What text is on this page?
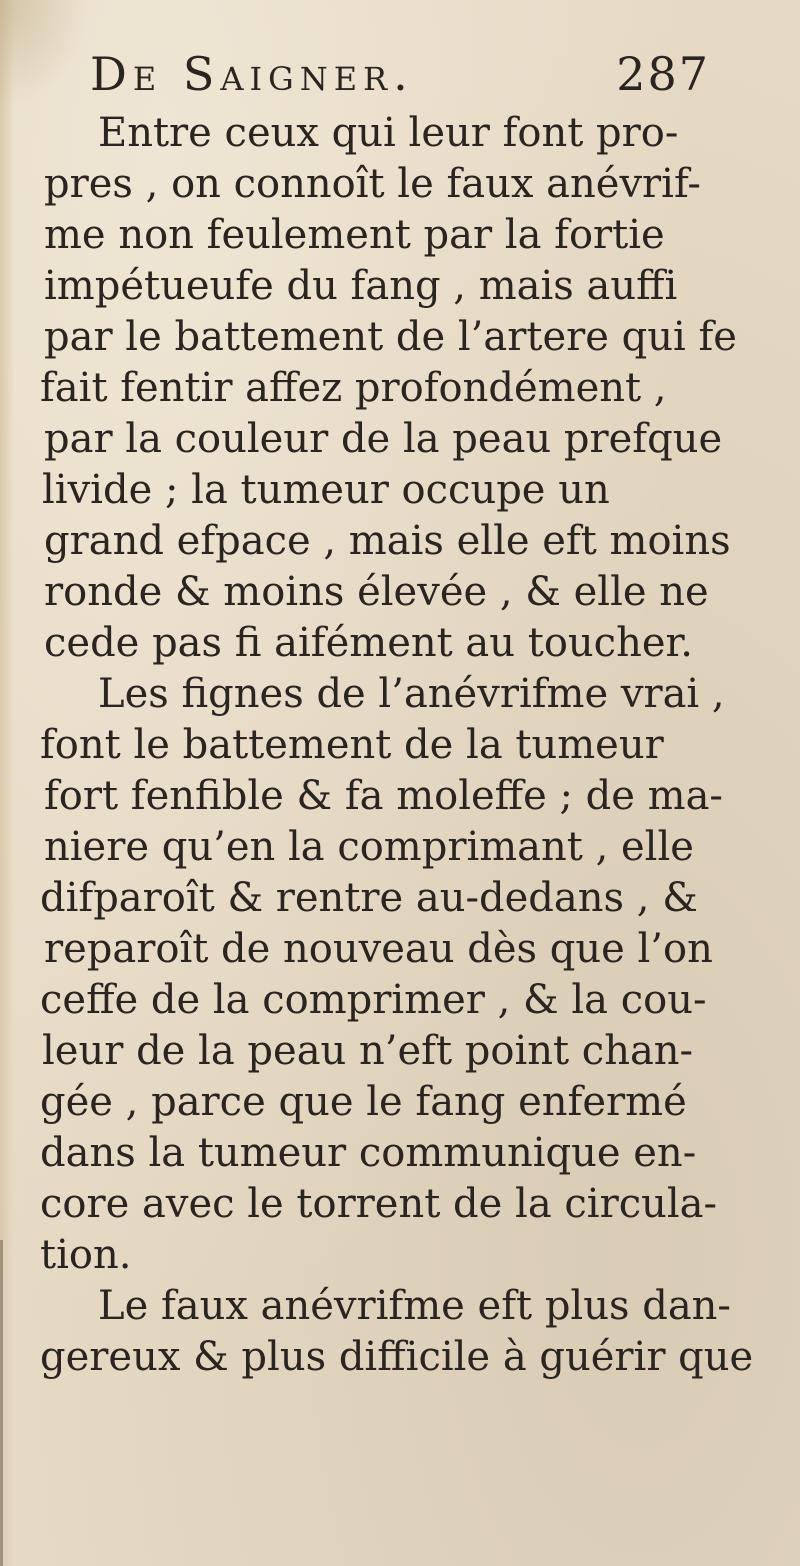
De Saigner.	287
Entre ceux qui leur font pro-
pres , on connoît le faux anévrif-
me non feulement par la fortie
impétueufe du fang , mais auffi
par le battement de l’artere qui fe
fait fentir affez profondément ,
par la couleur de la peau prefque
livide ; la tumeur occupe un
grand efpace , mais elle eft moins
ronde & moins élevée , & elle ne
cede pas fi aifément au toucher.
Les fignes de l’anévrifme vrai ,
font le battement de la tumeur
fort fenfible & fa moleffe ; de ma-
niere qu’en la comprimant , elle
difparoît & rentre au-dedans , &
reparoît de nouveau dès que l’on
ceffe de la comprimer , & la cou-
leur de la peau n’eft point chan-
gée , parce que le fang enfermé
dans la tumeur communique en-
core avec le torrent de la circula-
tion.
Le faux anévrifme eft plus dan-
gereux & plus difficile à guérir que
